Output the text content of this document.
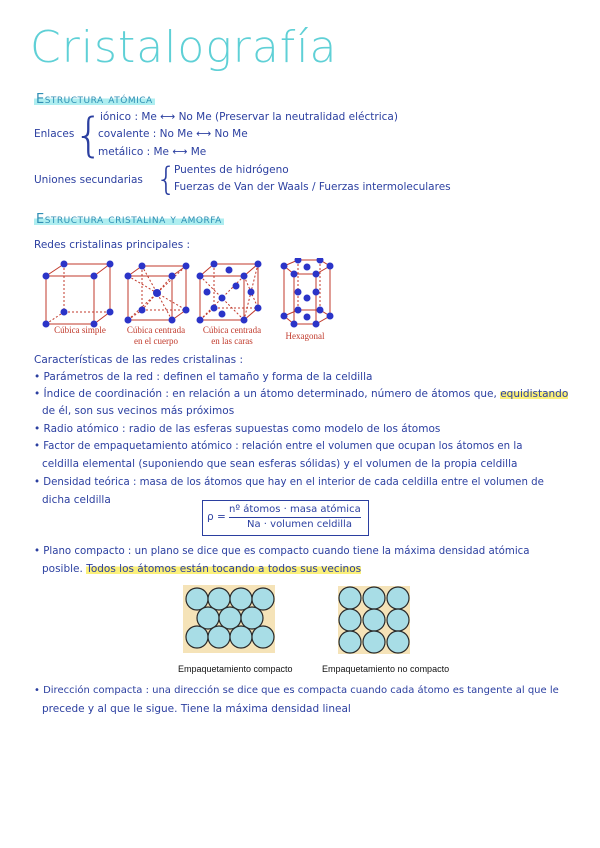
Cristalografía
Estructura atómica
Enlaces {
iónico : Me ⟷ No Me (Preservar la neutralidad eléctrica)
covalente : No Me ⟷ No Me
metálico : Me ⟷ Me
Uniones secundarias {
Puentes de hidrógeno
Fuerzas de Van der Waals / Fuerzas intermoleculares
Estructura cristalina y amorfa
Redes cristalinas principales :
Cúbica simple	Cúbica centrada
en el cuerpo
Cúbica centrada
en las caras	Hexagonal
Características de las redes cristalinas :
• Parámetros de la red : definen el tamaño y forma de la celdilla
• Índice de coordinación : en relación a un átomo determinado, número de átomos que, equidistando
de él, son sus vecinos más próximos
• Radio atómico : radio de las esferas supuestas como modelo de los átomos
• Factor de empaquetamiento atómico : relación entre el volumen que ocupan los átomos en la
celdilla elemental (suponiendo que sean esferas sólidas) y el volumen de la propia celdilla
• Densidad teórica : masa de los átomos que hay en el interior de cada celdilla entre el volumen de
dicha celdilla
ρ =
nº átomos · masa atómica
Na · volumen celdilla
• Plano compacto : un plano se dice que es compacto cuando tiene la máxima densidad atómica
posible. Todos los átomos están tocando a todos sus vecinos
Empaquetamiento compacto	Empaquetamiento no compacto
• Dirección compacta : una dirección se dice que es compacta cuando cada átomo es tangente al que le
precede y al que le sigue. Tiene la máxima densidad lineal
